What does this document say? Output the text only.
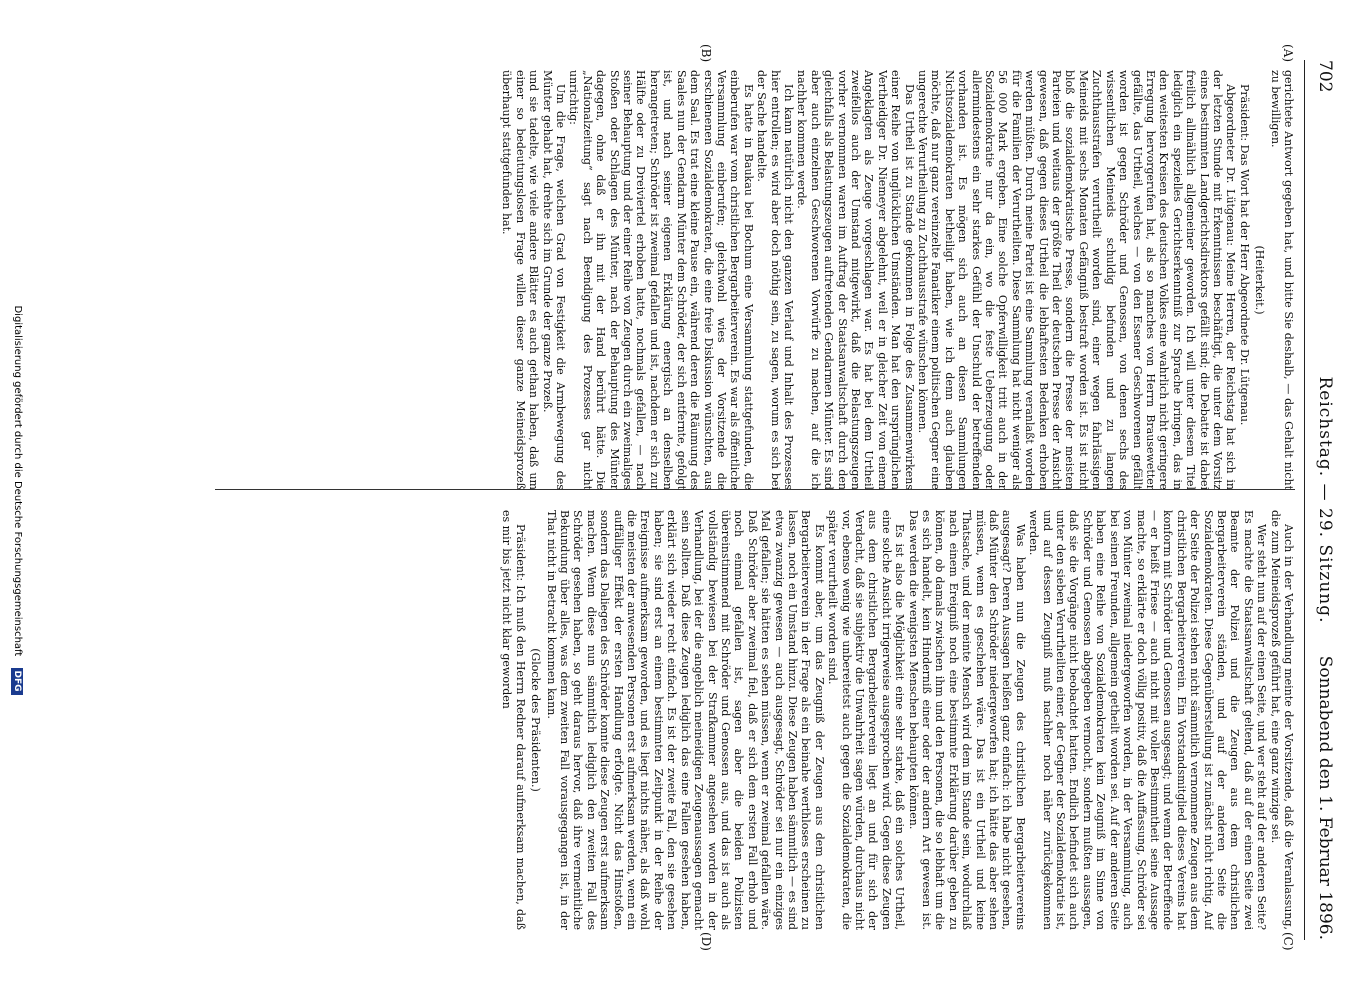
702
Reichstag. — 29. Sitzung.
Sonnabend den 1. Februar 1896.
(A)
(B)
(C)
(D)

gerichtete Antwort gegeben hat, und bitte Sie deshalb, — das Gehalt nicht zu bewilligen.

(Heiterkeit.)

Präsident: Das Wort hat der Herr Abgeordnete Dr. Lütgenau.

Abgeordneter Dr. Lütgenau: Meine Herren, der Reichstag hat sich in der letzten Stunde mit Erkenntnissen beschäftigt, die unter dem Vorsitz eines bestimmten Landgerichtsdirektors gefällt sind; die Debatte ist dabei freilich allmählich allgemeiner geworden. Ich will unter diesem Titel lediglich ein spezielles Gerichtserkenntniß zur Sprache bringen, das in den weitesten Kreisen des deutschen Volkes eine wahrlich nicht geringere Erregung hervorgerufen hat, als so manches von Herrn Brausewetter gefällte, das Urtheil, welches — von den Essener Geschworenen gefällt worden ist gegen Schröder und Genossen, von denen sechs des wissentlichen Meineids schuldig befunden und zu langen Zuchthausstrafen verurtheilt worden sind, einer wegen fahrlässigen Meineids mit sechs Monaten Gefängniß bestraft worden ist. Es ist nicht bloß die sozialdemokratische Presse, sondern die Presse der meisten Parteien und weitaus der größte Theil der deutschen Presse der Ansicht gewesen, daß gegen dieses Urtheil die lebhaftesten Bedenken erhoben werden müßten. Durch meine Partei ist eine Sammlung veranlaßt worden für die Familien der Verurtheilten. Diese Sammlung hat nicht weniger als 56 000 Mark ergeben. Eine solche Opferwilligkeit tritt auch in der Sozialdemokratie nur da ein, wo die feste Ueberzeugung oder allermindestens ein sehr starkes Gefühl der Unschuld der betreffenden vorhanden ist. Es mögen sich auch an diesen Sammlungen Nichtsozialdemokraten betheiligt haben, wie ich denn auch glauben möchte, daß nur ganz vereinzelte Fanatiker einem politischen Gegner eine ungerechte Verurtheilung zu Zuchthausstrafe wünschen können.

Das Urtheil ist zu Stande gekommen in Folge des Zusammenwirkens einer Reihe von unglücklichen Umständen. Man hat den ursprünglichen Vertheidiger Dr. Niemeyer abgelehnt, weil er in gleicher Zeit von einem Angeklagten als Zeuge vorgeschlagen war. Es hat bei dem Urtheil zweifellos auch der Umstand mitgewirkt, daß die Belastungszeugen vorher vernommen waren im Auftrag der Staatsanwaltschaft durch den gleichfalls als Belastungszeugen auftretenden Gendarmen Münter. Es sind aber auch einzelnen Geschworenen Vorwürfe zu machen, auf die ich nachher kommen werde.

Ich kann natürlich nicht den ganzen Verlauf und Inhalt des Prozesses hier entrollen; es wird aber doch nöthig sein, zu sagen, worum es sich bei der Sache handelte.

Es hatte in Baukau bei Bochum eine Versammlung stattgefunden, die einberufen war vom christlichen Bergarbeiterverein. Es war als öffentliche Versammlung einberufen; gleichwohl wies der Vorsitzende die erschienenen Sozialdemokraten, die eine freie Diskussion wünschten, aus dem Saal. Es trat eine kleine Pause ein, während deren die Räumung des Saales nun der Gendarm Münter dem Schröder, der sich entfernte, gefolgt ist, und nach seiner eigenen Erklärung energisch an denselben herangetreten; Schröder ist zweimal gefallen und ist, nachdem er sich zur Hälfte oder zu Dreiviertel erhoben hatte, nochmals gefallen, — nach seiner Behauptung und der einer Reihe von Zeugen durch ein zweimaliges Stoßen oder Schlagen des Münter, nach der Behauptung des Münter dagegen, ohne daß er ihn mit der Hand berührt hätte. Die „Nationalzeitung“ sagt nach Beendigung des Prozesses gar nicht unrichtig:

Um die Frage, welchen Grad von Festigkeit die Armbewegung des Münter gehabt hat, drehte sich im Grunde der ganze Prozeß.

und sie tadelte, wie viele andere Blätter es auch gethan haben, daß um einer so bedeutungslosen Frage willen dieser ganze Meineidsprozeß überhaupt stattgefunden hat.

Auch in der Verhandlung meinte der Vorsitzende, daß die Veranlassung, die zum Meineidsprozeß geführt hat, eine ganz winzige sei.

Wer steht nun auf der einen Seite, und wer steht auf der anderen Seite? Es machte die Staatsanwaltschaft geltend, daß auf der einen Seite zwei Beamte der Polizei und die Zeugen aus dem christlichen Bergarbeiterverein ständen, und auf der anderen Seite die Sozialdemokraten. Diese Gegenüberstellung ist zunächst nicht richtig. Auf der Seite der Polizei stehen nicht sämmtlich vernommene Zeugen aus dem christlichen Bergarbeiterverein. Ein Vorstandsmitglied dieses Vereins hat konform mit Schröder und Genossen ausgesagt; und wenn der Betreffende — er heißt Friese — auch nicht mit voller Bestimmtheit seine Aussage machte, so erklärte er doch völlig positiv, daß die Auffassung, Schröder sei von Münter zweimal niedergeworfen worden, in der Versammlung, auch bei seinen Freunden, allgemein getheilt worden sei. Auf der anderen Seite haben eine Reihe von Sozialdemokraten kein Zeugniß im Sinne von Schröder und Genossen abgegeben vermocht, sondern mußten aussagen, daß sie die Vorgänge nicht beobachtet hatten. Endlich befindet sich auch unter den sieben Verurtheilten einer, der Gegner der Sozialdemokratie ist, und auf dessen Zeugniß muß nachher noch näher zurückgekommen werden.

Was haben nun die Zeugen des christlichen Bergarbeitervereins ausgesagt? Deren Aussagen heißen ganz einfach: ich habe nicht gesehen, daß Münter den Schröder niedergeworfen hat; ich hätte das aber sehen müssen, wenn es geschehen wäre. Das ist ein Urtheil und keine Thatsache, und der meinte Mensch wird dem im Stande sein, wodurchlaß nach einem Ereigniß noch eine bestimmte Erklärung darüber geben zu können, ob damals zwischen ihm und den Personen, die so lebhaft um die es sich handelt, kein Hinderniß einer oder der andern Art gewesen ist. Das werden die wenigsten Menschen behaupten können.

Es ist also die Möglichkeit eine sehr starke, daß ein solches Urtheil, eine solche Ansicht irrigerweise ausgesprochen wird. Gegen diese Zeugen aus dem christlichen Bergarbeiterverein liegt an und für sich der Verdacht, daß sie subjektiv die Unwahrheit sagen würden, durchaus nicht vor, ebenso wenig wie unbereitetst auch gegen die Sozialdemokraten, die später verurtheilt worden sind.

Es kommt aber, um das Zeugniß der Zeugen aus dem christlichen Bergarbeiterverein in der Frage als ein beinahe werthloses erscheinen zu lassen, noch ein Umstand hinzu. Diese Zeugen haben sämmtlich — es sind etwa zwanzig gewesen — auch ausgesagt, Schröder sei nur ein einziges Mal gefallen; sie hätten es sehen müssen, wenn er zweimal gefallen wäre. Daß Schröder aber zweimal fiel, daß er sich dem ersten Fall erhob und noch einmal gefallen ist, sagen aber die beiden Polizisten übereinstimmend mit Schröder und Genossen aus, und das ist auch als vollständig bewiesen bei der Strafkammer angesehen worden in der Verhandlung, bei der die angeblich meineidigen Zeugenaussagen gemacht sein sollten. Daß diese Zeugen lediglich das eine Fallen gesehen haben, erklärt sich wieder recht einfach. Es ist der zweite Fall, den sie gesehen haben; sie sind erst an einem bestimmten Zeitpunkt in der Reihe der Ereignisse aufmerksam geworden, und es liegt nichts näher, als daß wohl die meisten der anwesenden Personen erst aufmerksam werden, wenn ein auffälliger Effekt der ersten Handlung erfolgte. Nicht das Hinstoßen, sondern das Daliegen des Schröder konnte diese Zeugen erst aufmerksam machen. Wenn diese nun sämmtlich lediglich den zweiten Fall des Schröder gesehen haben, so geht daraus hervor, daß ihre vermeintliche Bekundung über alles, was dem zweiten Fall vorausgegangen ist, in der That nicht in Betracht kommen kann.

(Glocke des Präsidenten.)

Präsident: Ich muß den Herrn Redner darauf aufmerksam machen, daß es mir bis jetzt nicht klar geworden

Digitalisierung gefördert durch die Deutsche Forschungsgemeinschaft DFG
